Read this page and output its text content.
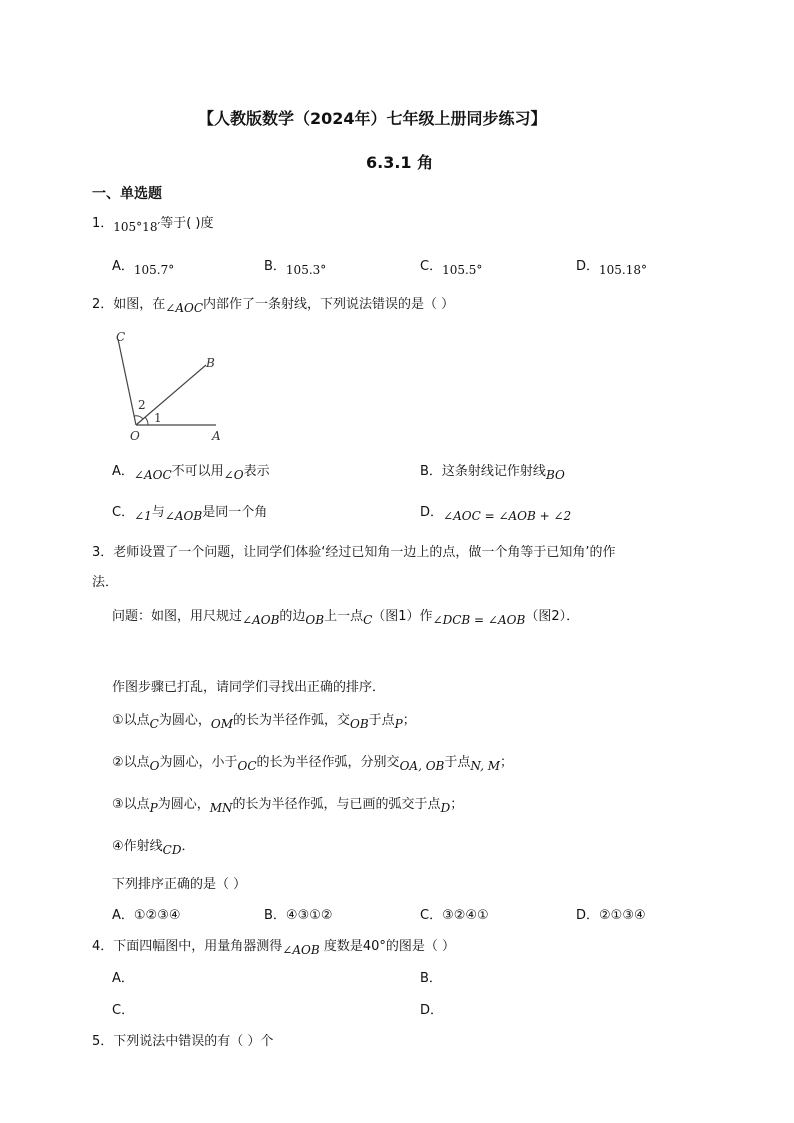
【人教版数学（2024年）七年级上册同步练习】
6.3.1 角
一、单选题
1．105°18′等于( )度
A．105.7°	B．105.3°	C．105.5°	D．105.18°
2．如图，在∠AOC内部作了一条射线，下列说法错误的是（ ）
C
B
O	A
2
1
A．∠AOC不可以用∠O表示	B．这条射线记作射线BO
C．∠1与∠AOB是同一个角	D．∠AOC = ∠AOB + ∠2
3．老师设置了一个问题，让同学们体验‘经过已知角一边上的点，做一个角等于已知角’的作
法．
问题：如图，用尺规过∠AOB的边OB上一点C（图1）作∠DCB = ∠AOB（图2）．
作图步骤已打乱，请同学们寻找出正确的排序．
①以点C为圆心，OM的长为半径作弧，交OB于点P；
②以点O为圆心，小于OC的长为半径作弧，分别交OA, OB于点N, M；
③以点P为圆心，MN的长为半径作弧，与已画的弧交于点D；
④作射线CD．
下列排序正确的是（ ）
A．①②③④	B．④③①②	C．③②④①	D．②①③④
4．下面四幅图中，用量角器测得∠AOB 度数是40°的图是（ ）
A．	B．
C．	D．
5．下列说法中错误的有（ ）个
